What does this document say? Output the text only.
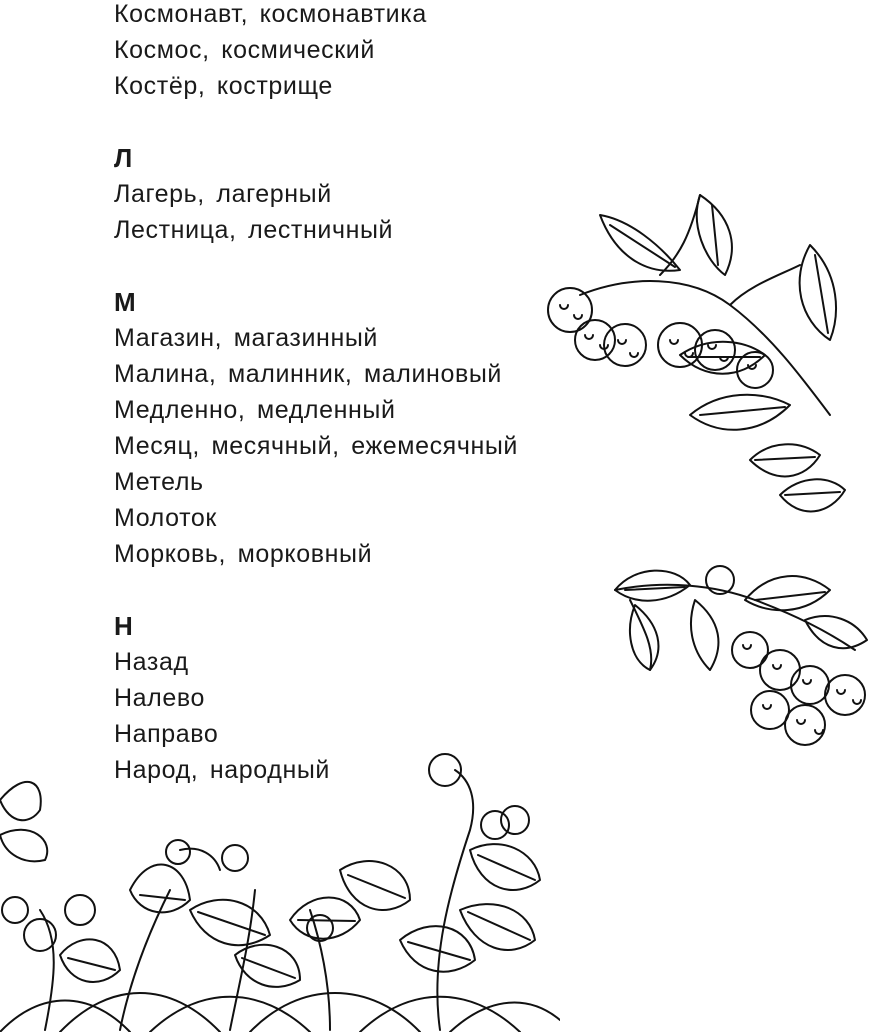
Космонавт, космонавтика
Космос, космический
Костёр, кострище
Л
Лагерь, лагерный
Лестница, лестничный
М
Магазин, магазинный
Малина, малинник, малиновый
Медленно, медленный
Месяц, месячный, ежемесячный
Метель
Молоток
Морковь, морковный
Н
Назад
Налево
Направо
Народ, народный
